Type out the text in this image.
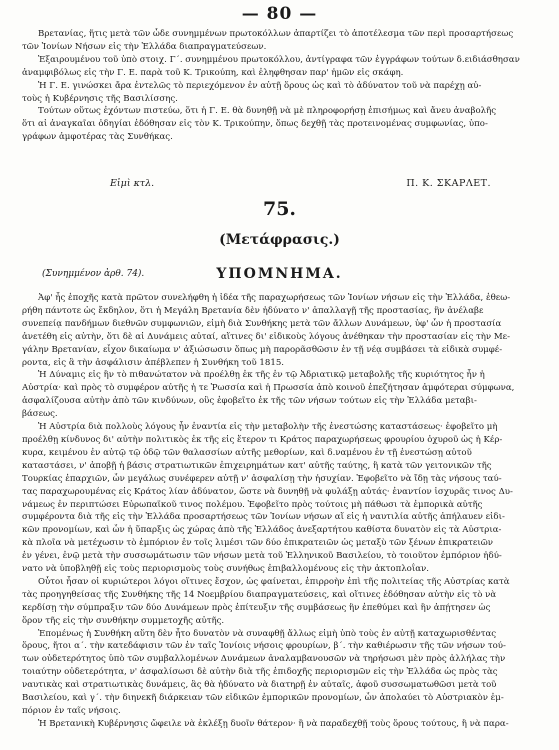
— 80 —

Βρετανίας, ἥτις μετὰ τῶν ὧδε συνημμένων πρωτοκόλλων ἀπαρτίζει τὸ ἀποτέλεσμα τῶν περὶ προσαρτήσεως

τῶν Ἰονίων Νήσων εἰς τὴν Ἑλλάδα διαπραγματεύσεων.

Ἐξαιρουμένου τοῦ ὑπὸ στοιχ. Γ΄. συνημμένου πρωτοκόλλου, ἀντίγραφα τῶν ἐγγράφων τούτων δ.ειδιάσθησαν

ἀναμφιβόλως εἰς τὴν Γ. Ε. παρὰ τοῦ Κ. Τρικούπη, καὶ ἐληφθησαν παρ' ἡμῶν εἰς σκάφη.

Ἡ Γ. Ε. γινώσκει ἄρα ἐντελῶς τὸ περιεχόμενον ἐν αὐτῇ ὅρους ὡς καὶ τὸ ἀδύνατον τοῦ νὰ παρέχῃ αὐ-

τοὺς ἡ Κυβέρνησις τῆς Βασιλίσσης.

Τούτων οὕτως ἐχόντων πιστεύω, ὅτι ἡ Γ. Ε. θὰ δυνηθῇ νὰ μὲ πληροφορήσῃ ἐπισήμως καὶ ἄνευ ἀναβολῆς

ὅτι αἱ ἀναγκαῖαι ὁδηγίαι ἐδόθησαν εἰς τὸν Κ. Τρικούπην, ὅπως δεχθῇ τὰς προτεινομένας συμφωνίας, ὑπο-

γράφων ἀμφοτέρας τὰς Συνθήκας.

Εἰμὶ κτλ.	Π. Κ. ΣΚΑΡΛΕΤ.
75.
(Μετάφρασις.)
(Συνημμένον ἀρθ. 74).	ΥΠΟΜΝΗΜΑ.

Ἀφ' ἧς ἐποχῆς κατὰ πρῶτον συνελήφθη ἡ ἰδέα τῆς παραχωρήσεως τῶν Ἰονίων νήσων εἰς τὴν Ἑλλάδα, ἐθεω-

ρήθη πάντοτε ὡς ἔκδηλον, ὅτι ἡ Μεγάλη Βρετανία δὲν ἠδύνατο ν' ἀπαλλαγῇ τῆς προστασίας, ἣν ἀνέλαβε

συνεπείᾳ πανδήμων διεθνῶν συμφωνιῶν, εἰμὴ διὰ Συνθήκης μετὰ τῶν ἄλλων Δυνάμεων, ὑφ' ὧν ἡ προστασία

ἀνετέθη εἰς αὐτὴν, ὅτι δὲ αἱ Δυνάμεις αὐταί, αἵτινες δι' εἰδικοὺς λόγους ἀνέθηκαν τὴν προστασίαν εἰς τὴν Με-

γάλην Βρετανίαν, εἶχον δικαίωμα ν' ἀξιώσωσιν ὅπως μὴ παρορᾶσθῶσιν ἐν τῇ νέᾳ συμβάσει τὰ εἰδικὰ συμφέ-

ροντα, εἰς ἃ τὴν ἀσφάλισιν ἀπέβλεπεν ἡ Συνθήκη τοῦ 1815.

Ἡ Δύναμις εἰς ἣν τὸ πιθανώτατον νὰ προέλθῃ ἐκ τῆς ἐν τῷ Ἀδριατικῷ μεταβολῆς τῆς κυριότητος ἦν ἡ

Αὐστρία· καὶ πρὸς τὸ συμφέρον αὐτῆς ἡ τε Ῥωσσία καὶ ἡ Πρωσσία ἀπὸ κοινοῦ ἐπεζήτησαν ἀμφότεραι σύμφωνα,

ἀσφαλίζουσα αὐτὴν ἀπὸ τῶν κινδύνων, οὓς ἐφοβεῖτο ἐκ τῆς τῶν νήσων τούτων εἰς τὴν Ἑλλάδα μεταβι-

βάσεως.

Ἡ Αὐστρία διὰ πολλοὺς λόγους ἦν ἐναντία εἰς τὴν μεταβολὴν τῆς ἐνεστώσης καταστάσεως· ἐφοβεῖτο μὴ

προέλθῃ κίνδυνος δι' αὐτὴν πολιτικὸς ἐκ τῆς εἰς ἕτερον τι Κράτος παραχωρήσεως φρουρίου ὀχυροῦ ὡς ἡ Κέρ-

κυρα, κειμένου ἐν αὐτῷ τῷ ὁδῷ τῶν θαλασσίων αὐτῆς μεθορίων, καὶ δ.ναμένου ἐν τῇ ἐνεστώσῃ αὐτοῦ

καταστάσει, ν' ἀποβῇ ἡ βάσις στρατιωτικῶν ἐπιχειρημάτων κατ' αὐτῆς ταύτης, ἢ κατὰ τῶν γειτονικῶν τῆς

Τουρκίας ἐπαρχιῶν, ὧν μεγάλως συνέφερεν αὐτῇ ν' ἀσφαλίσῃ τὴν ἡσυχίαν. Ἐφοβεῖτο νὰ ἴδῃ τὰς νήσους ταύ-

τας παραχωρουμένας εἰς Κράτος λίαν ἀδύνατον, ὥστε νὰ δυνηθῇ νὰ φυλάξῃ αὐτάς· ἐναντίον ἰσχυρᾶς τινος Δυ-

νάμεως ἐν περιπτώσει Εὐρωπαϊκοῦ τινος πολέμου. Ἐφοβεῖτο πρὸς τούτοις μὴ πάθωσι τὰ ἐμπορικὰ αὐτῆς

συμφέροντα διὰ τῆς εἰς τὴν Ἑλλάδα προσαρτήσεως τῶν Ἰονίων νήσων αἵ εἰς ἡ ναυτιλία αὐτῆς ἀπήλαυεν εἰδι-

κῶν προνομίων, καὶ ὧν ἡ ὕπαρξις ὡς χώρας ἀπὸ τῆς Ἑλλάδος ἀνεξαρτήτου καθίστα δυνατὸν εἰς τὰ Αὐστρια-

κὰ πλοῖα νὰ μετέχωσιν τὸ ἐμπόριον ἐν τοῖς λιμέσι τῶν δύο ἐπικρατειῶν ὡς μεταξὺ τῶν ξένων ἐπικρατειῶν

ἐν γένει, ἐνῷ μετὰ τὴν συσσωμάτωσιν τῶν νήσων μετὰ τοῦ Ἑλληνικοῦ Βασιλείου, τὸ τοιοῦτον ἐμπόριον ἠδύ-

νατο νὰ ὑποβληθῇ εἰς τοὺς περιορισμοὺς τοὺς συνήθως ἐπιβαλλομένους εἰς τὴν ἀκτοπλοΐαν.

Οὗτοι ἦσαν οἱ κυριώτεροι λόγοι οἵτινες ἔσχον, ὡς φαίνεται, ἐπιρροὴν ἐπὶ τῆς πολιτείας τῆς Αὐστρίας κατὰ

τὰς προηγηθείσας τῆς Συνθήκης τῆς 14 Νοεμβρίου διαπραγματεύσεις, καὶ οἵτινες ἐδόθησαν αὐτὴν εἰς τὸ νὰ

κερδίσῃ τὴν σύμπραξιν τῶν δύο Δυνάμεων πρὸς ἐπίτευξιν τῆς συμβάσεως ἣν ἐπεθύμει καὶ ἣν ἀπῄτησεν ὡς

ὅρον τῆς εἰς τὴν συνθήκην συμμετοχῆς αὐτῆς.

Ἐπομένως ἡ Συνθήκη αὕτη δὲν ἦτο δυνατὸν νὰ συναφθῇ ἄλλως εἰμὴ ὑπὸ τοὺς ἐν αὐτῇ καταχωρισθέντας

ὅρους, ἤτοι α΄. τὴν κατεδάφισιν τῶν ἐν ταῖς Ἰονίοις νήσοις φρουρίων, β΄. τὴν καθιέρωσιν τῆς τῶν νήσων τού-

των οὐδετερότητος ὑπὸ τῶν συμβαλλομένων Δυνάμεων ἀναλαμβανουσῶν νὰ τηρήσωσι μὲν πρὸς ἀλλήλας τὴν

τοιαύτην οὐδετερότητα, ν' ἀσφαλίσωσι δὲ αὐτὴν διὰ τῆς ἐπιδοχῆς περιορισμῶν εἰς τὴν Ἑλλάδα ὡς πρὸς τὰς

ναυτικὰς καὶ στρατιωτικὰς δυνάμεις, ἃς θὰ ἠδύνατο νὰ διατηρῇ ἐν αὐταῖς, ἀφοῦ συσσωματωθῶσι μετὰ τοῦ

Βασιλείου, καὶ γ΄. τὴν διηνεκῆ διάρκειαν τῶν εἰδικῶν ἐμπορικῶν προνομίων, ὧν ἀπολαύει τὸ Αὐστριακὸν ἐμ-

πόριον ἐν ταῖς νήσοις.

Ἡ Βρετανικὴ Κυβέρνησις ὤφειλε νὰ ἐκλέξῃ δυοῖν θάτερον· ἢ νὰ παραδεχθῇ τοὺς ὅρους τούτους, ἢ νὰ παρα-
